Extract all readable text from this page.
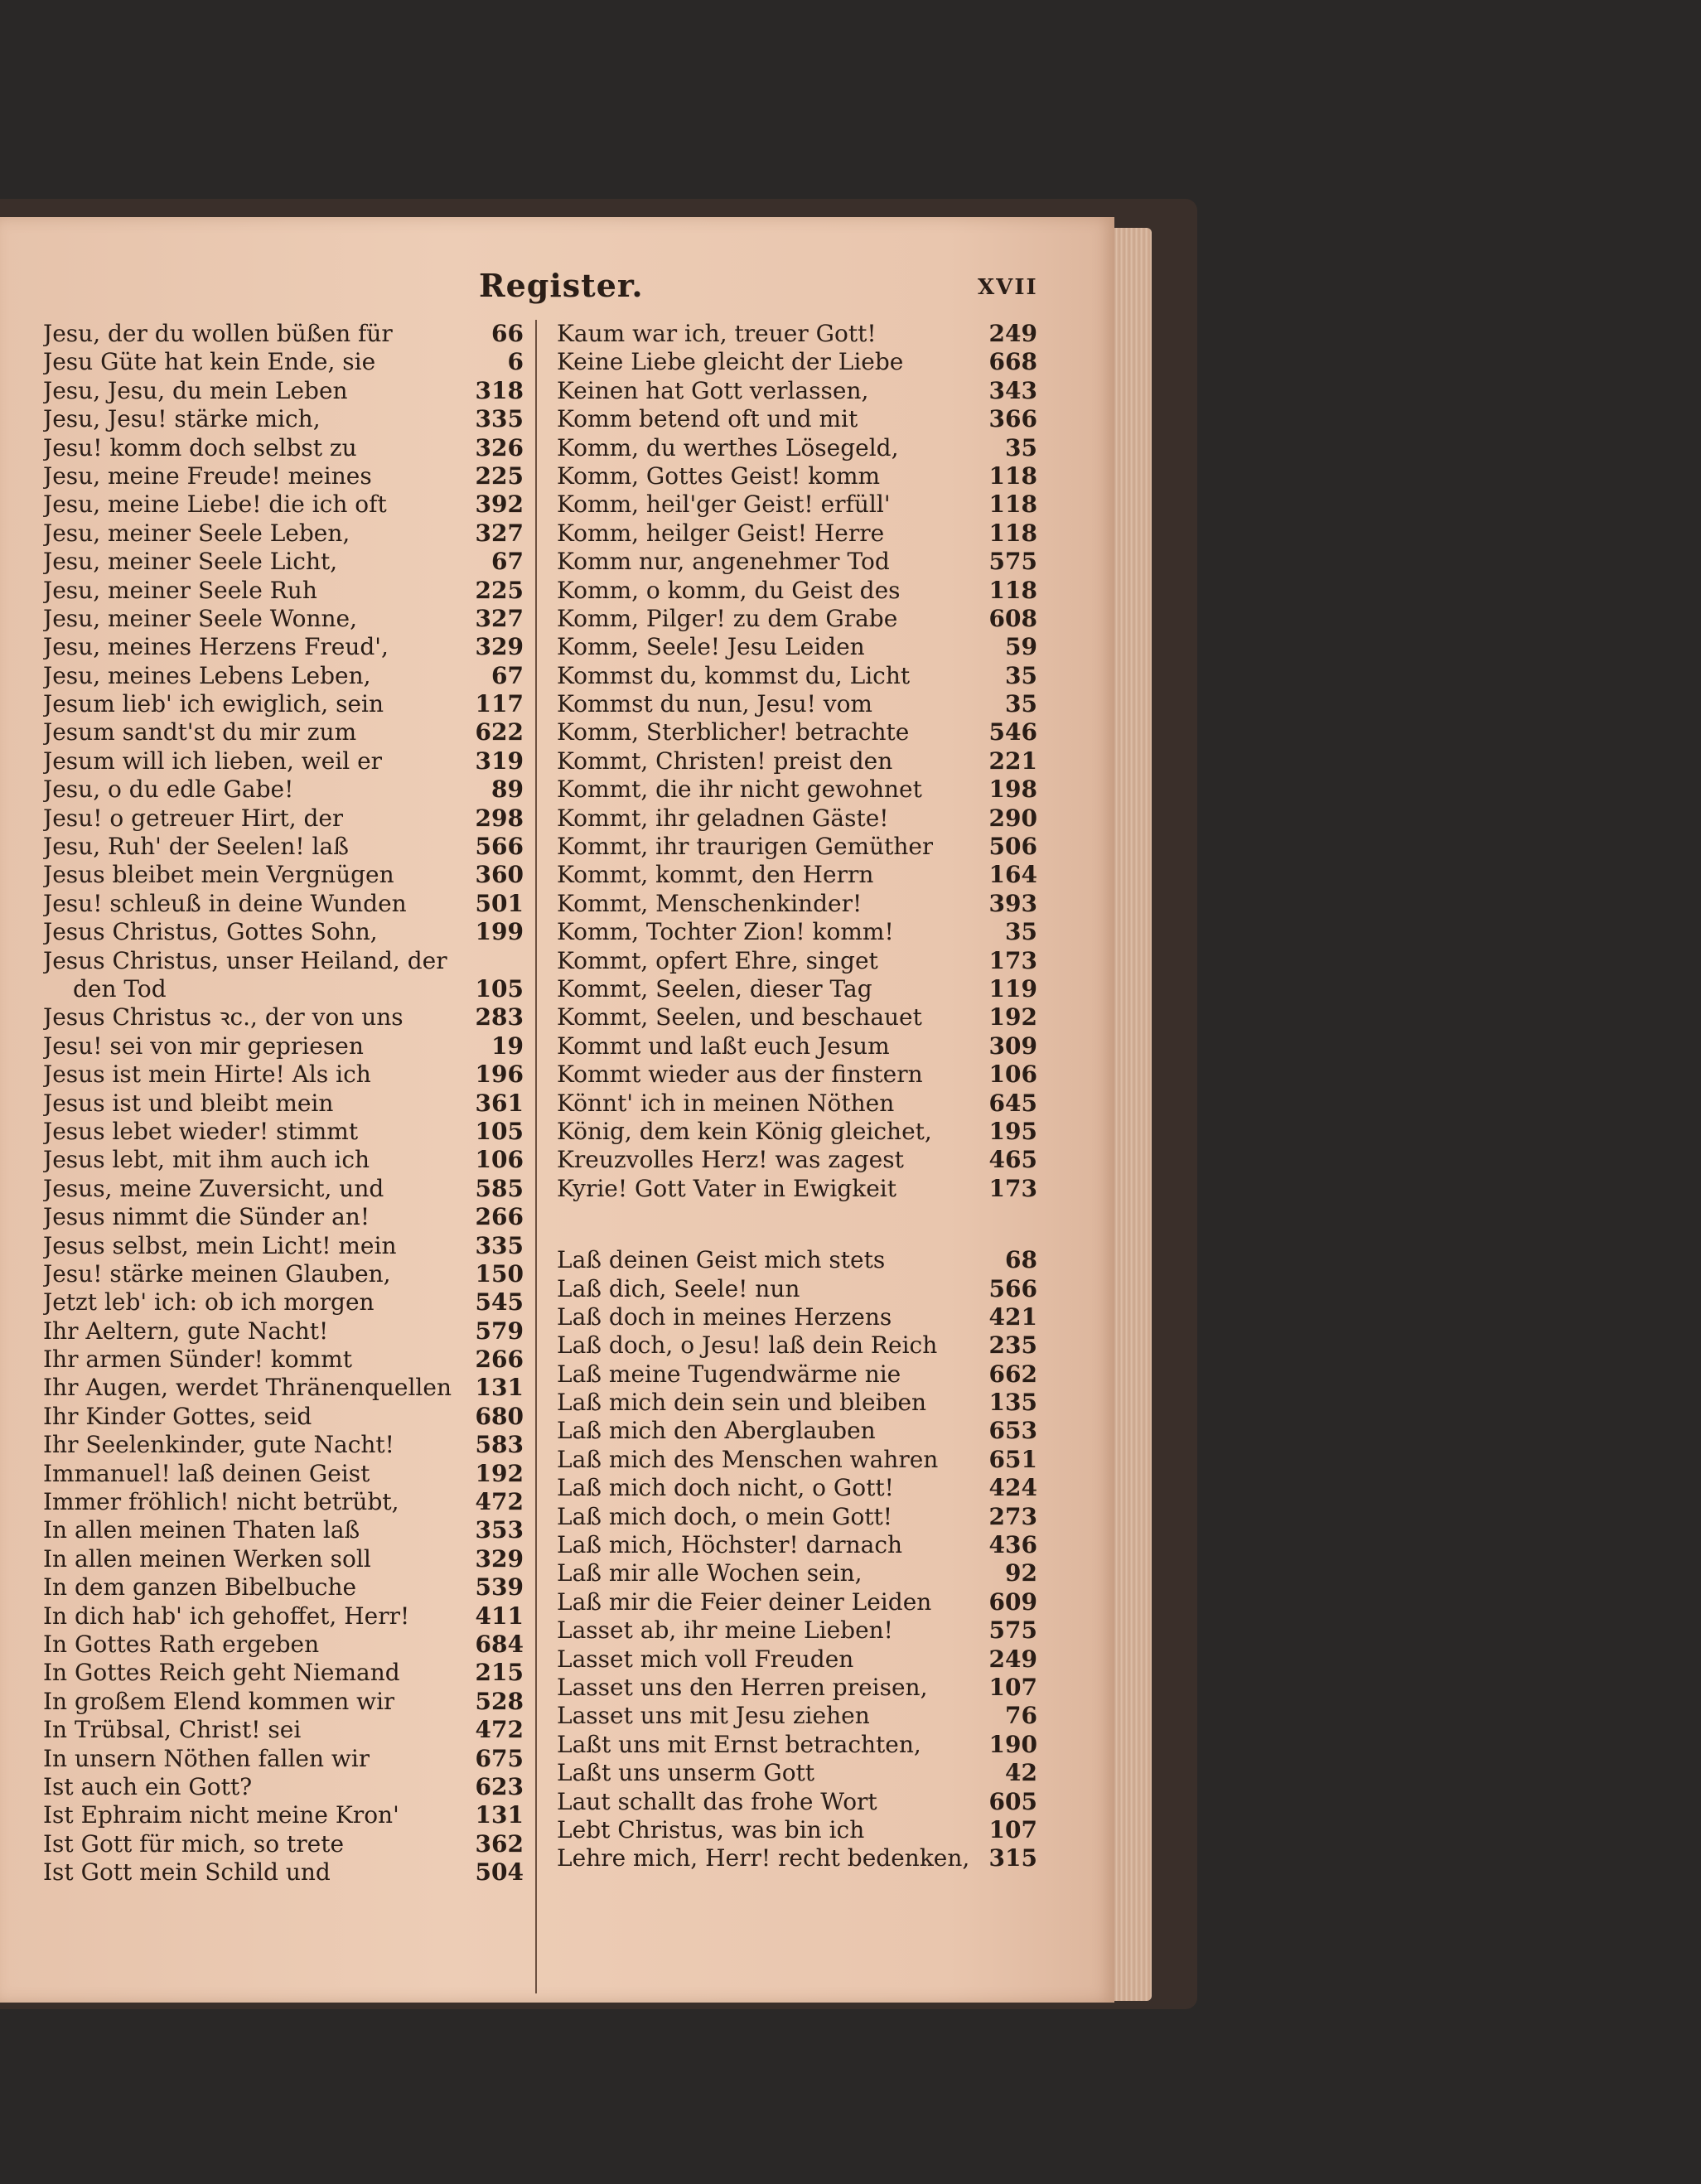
Register.	XVII
Jesu, der du wollen büßen für	66
Jesu Güte hat kein Ende, sie	6
Jesu, Jesu, du mein Leben	318
Jesu, Jesu! stärke mich,	335
Jesu! komm doch selbst zu	326
Jesu, meine Freude! meines	225
Jesu, meine Liebe! die ich oft	392
Jesu, meiner Seele Leben,	327
Jesu, meiner Seele Licht,	67
Jesu, meiner Seele Ruh	225
Jesu, meiner Seele Wonne,	327
Jesu, meines Herzens Freud',	329
Jesu, meines Lebens Leben,	67
Jesum lieb' ich ewiglich, sein	117
Jesum sandt'st du mir zum	622
Jesum will ich lieben, weil er	319
Jesu, o du edle Gabe!	89
Jesu! o getreuer Hirt, der	298
Jesu, Ruh' der Seelen! laß	566
Jesus bleibet mein Vergnügen	360
Jesu! schleuß in deine Wunden	501
Jesus Christus, Gottes Sohn,	199
Jesus Christus, unser Heiland, der
den Tod	105
Jesus Christus ꝛc., der von uns	283
Jesu! sei von mir gepriesen	19
Jesus ist mein Hirte! Als ich	196
Jesus ist und bleibt mein	361
Jesus lebet wieder! stimmt	105
Jesus lebt, mit ihm auch ich	106
Jesus, meine Zuversicht, und	585
Jesus nimmt die Sünder an!	266
Jesus selbst, mein Licht! mein	335
Jesu! stärke meinen Glauben,	150
Jetzt leb' ich: ob ich morgen	545
Ihr Aeltern, gute Nacht!	579
Ihr armen Sünder! kommt	266
Ihr Augen, werdet Thränenquellen 131
Ihr Kinder Gottes, seid	680
Ihr Seelenkinder, gute Nacht!	583
Immanuel! laß deinen Geist	192
Immer fröhlich! nicht betrübt,	472
In allen meinen Thaten laß	353
In allen meinen Werken soll	329
In dem ganzen Bibelbuche	539
In dich hab' ich gehoffet, Herr!	411
In Gottes Rath ergeben	684
In Gottes Reich geht Niemand	215
In großem Elend kommen wir	528
In Trübsal, Christ! sei	472
In unsern Nöthen fallen wir	675
Ist auch ein Gott?	623
Ist Ephraim nicht meine Kron'	131
Ist Gott für mich, so trete	362
Ist Gott mein Schild und	504
Kaum war ich, treuer Gott!	249
Keine Liebe gleicht der Liebe	668
Keinen hat Gott verlassen,	343
Komm betend oft und mit	366
Komm, du werthes Lösegeld,	35
Komm, Gottes Geist! komm	118
Komm, heil'ger Geist! erfüll'	118
Komm, heilger Geist! Herre	118
Komm nur, angenehmer Tod	575
Komm, o komm, du Geist des	118
Komm, Pilger! zu dem Grabe	608
Komm, Seele! Jesu Leiden	59
Kommst du, kommst du, Licht	35
Kommst du nun, Jesu! vom	35
Komm, Sterblicher! betrachte	546
Kommt, Christen! preist den	221
Kommt, die ihr nicht gewohnet	198
Kommt, ihr geladnen Gäste!	290
Kommt, ihr traurigen Gemüther 506
Kommt, kommt, den Herrn	164
Kommt, Menschenkinder!	393
Komm, Tochter Zion! komm!	35
Kommt, opfert Ehre, singet	173
Kommt, Seelen, dieser Tag	119
Kommt, Seelen, und beschauet	192
Kommt und laßt euch Jesum	309
Kommt wieder aus der finstern	106
Könnt' ich in meinen Nöthen	645
König, dem kein König gleichet, 195
Kreuzvolles Herz! was zagest	465
Kyrie! Gott Vater in Ewigkeit	173
Laß deinen Geist mich stets	68
Laß dich, Seele! nun	566
Laß doch in meines Herzens	421
Laß doch, o Jesu! laß dein Reich 235
Laß meine Tugendwärme nie	662
Laß mich dein sein und bleiben	135
Laß mich den Aberglauben	653
Laß mich des Menschen wahren 651
Laß mich doch nicht, o Gott!	424
Laß mich doch, o mein Gott!	273
Laß mich, Höchster! darnach	436
Laß mir alle Wochen sein,	92
Laß mir die Feier deiner Leiden 609
Lasset ab, ihr meine Lieben!	575
Lasset mich voll Freuden	249
Lasset uns den Herren preisen,	107
Lasset uns mit Jesu ziehen	76
Laßt uns mit Ernst betrachten,	190
Laßt uns unserm Gott	42
Laut schallt das frohe Wort	605
Lebt Christus, was bin ich	107
Lehre mich, Herr! recht bedenken, 315
